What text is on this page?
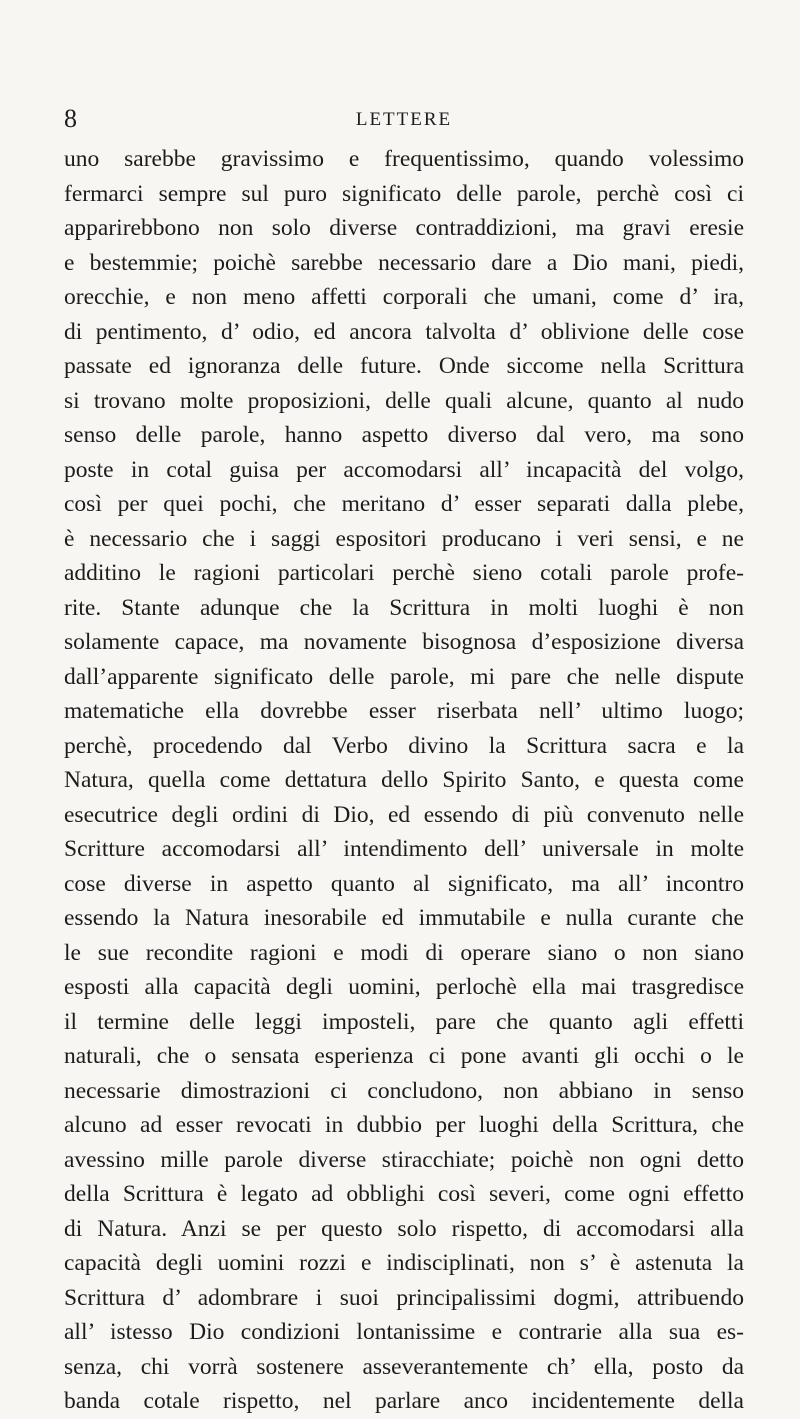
8	LETTERE
uno sarebbe gravissimo e frequentissimo, quando volessimo
fermarci sempre sul puro significato delle parole, perchè così ci
apparirebbono non solo diverse contraddizioni, ma gravi eresie
e bestemmie; poichè sarebbe necessario dare a Dio mani, piedi,
orecchie, e non meno affetti corporali che umani, come d’ ira,
di pentimento, d’ odio, ed ancora talvolta d’ oblivione delle cose
passate ed ignoranza delle future. Onde siccome nella Scrittura
si trovano molte proposizioni, delle quali alcune, quanto al nudo
senso delle parole, hanno aspetto diverso dal vero, ma sono
poste in cotal guisa per accomodarsi all’ incapacità del volgo,
così per quei pochi, che meritano d’ esser separati dalla plebe,
è necessario che i saggi espositori producano i veri sensi, e ne
additino le ragioni particolari perchè sieno cotali parole profe-
rite. Stante adunque che la Scrittura in molti luoghi è non
solamente capace, ma novamente bisognosa d’esposizione diversa
dall’apparente significato delle parole, mi pare che nelle dispute
matematiche ella dovrebbe esser riserbata nell’ ultimo luogo;
perchè, procedendo dal Verbo divino la Scrittura sacra e la
Natura, quella come dettatura dello Spirito Santo, e questa come
esecutrice degli ordini di Dio, ed essendo di più convenuto nelle
Scritture accomodarsi all’ intendimento dell’ universale in molte
cose diverse in aspetto quanto al significato, ma all’ incontro
essendo la Natura inesorabile ed immutabile e nulla curante che
le sue recondite ragioni e modi di operare siano o non siano
esposti alla capacità degli uomini, perlochè ella mai trasgredisce
il termine delle leggi imposteli, pare che quanto agli effetti
naturali, che o sensata esperienza ci pone avanti gli occhi o le
necessarie dimostrazioni ci concludono, non abbiano in senso
alcuno ad esser revocati in dubbio per luoghi della Scrittura, che
avessino mille parole diverse stiracchiate; poichè non ogni detto
della Scrittura è legato ad obblighi così severi, come ogni effetto
di Natura. Anzi se per questo solo rispetto, di accomodarsi alla
capacità degli uomini rozzi e indisciplinati, non s’ è astenuta la
Scrittura d’ adombrare i suoi principalissimi dogmi, attribuendo
all’ istesso Dio condizioni lontanissime e contrarie alla sua es-
senza, chi vorrà sostenere asseverantemente ch’ ella, posto da
banda cotale rispetto, nel parlare anco incidentemente della
